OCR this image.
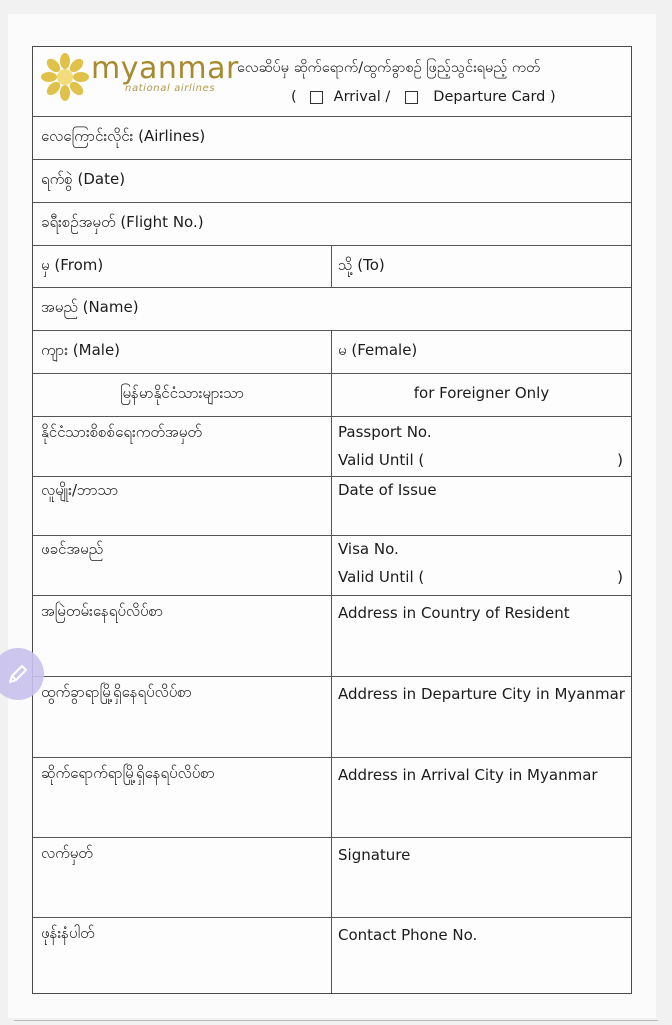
myanmar
national airlines
လေဆိပ်မှ ဆိုက်ရောက်/ထွက်ခွာစဉ် ဖြည့်သွင်းရမည့် ကတ်
(	Arrival /	Departure Card )
လေကြောင်းလိုင်း (Airlines)
ရက်စွဲ (Date)
ခရီးစဉ်အမှတ် (Flight No.)
မှ (From)	သို့ (To)
အမည် (Name)
ကျား (Male)	မ (Female)
မြန်မာနိုင်ငံသားများသာ	for Foreigner Only
နိုင်ငံသားစိစစ်ရေးကတ်အမှတ်	Passport No.
Valid Until (	)
လူမျိုး/ဘာသာ	Date of Issue
ဖခင်အမည်	Visa No.
Valid Until (	)
အမြဲတမ်းနေရပ်လိပ်စာ	Address in Country of Resident
ထွက်ခွာရာမြို့ရှိနေရပ်လိပ်စာ	Address in Departure City in Myanmar
ဆိုက်ရောက်ရာမြို့ရှိနေရပ်လိပ်စာ	Address in Arrival City in Myanmar
လက်မှတ်	Signature
ဖုန်းနံပါတ်	Contact Phone No.
